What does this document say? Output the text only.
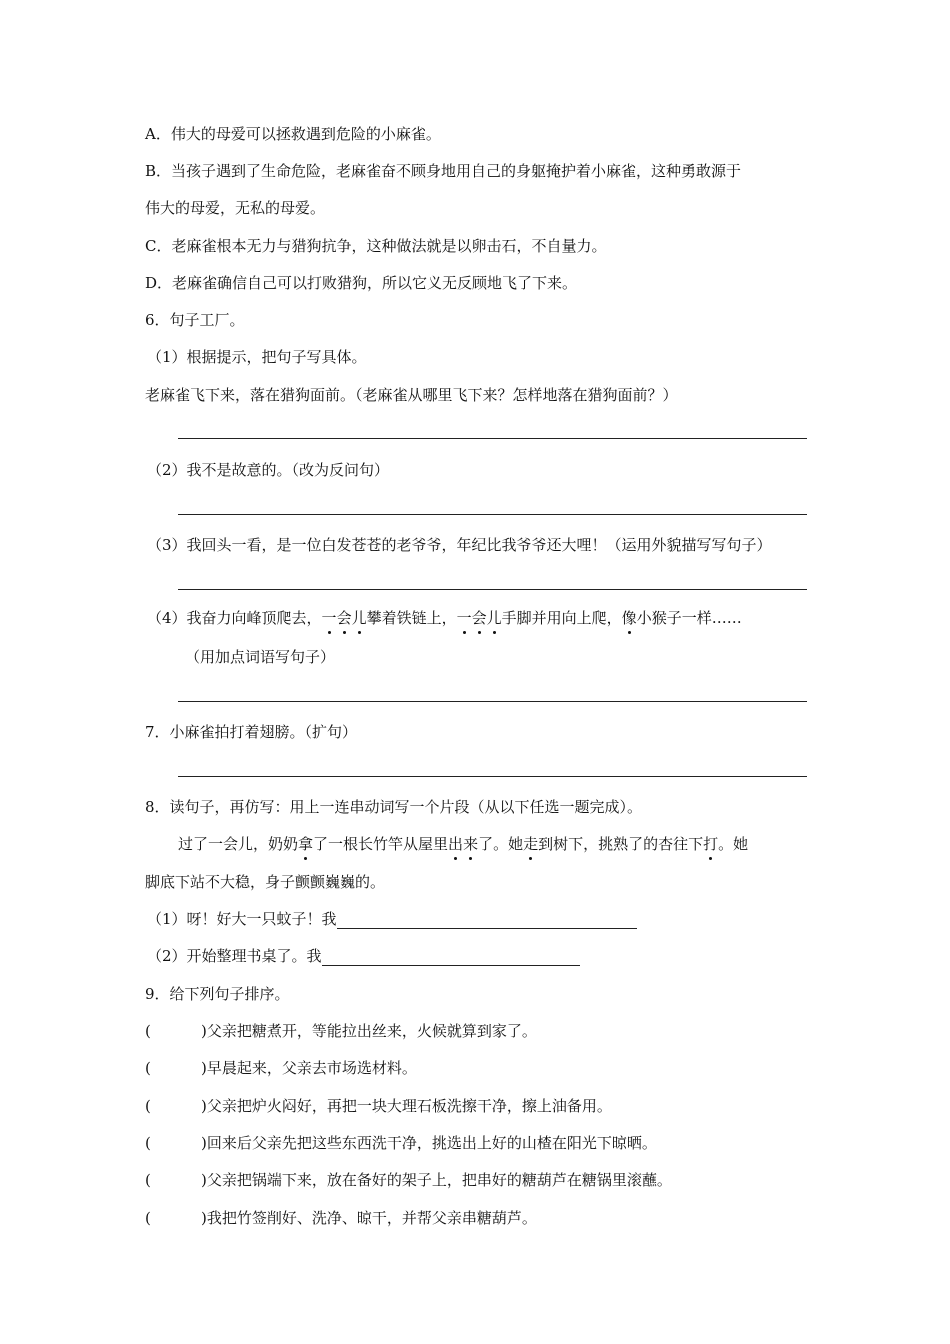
A．伟大的母爱可以拯救遇到危险的小麻雀。

B．当孩子遇到了生命危险，老麻雀奋不顾身地用自己的身躯掩护着小麻雀，这种勇敢源于

伟大的母爱，无私的母爱。

C．老麻雀根本无力与猎狗抗争，这种做法就是以卵击石，不自量力。

D．老麻雀确信自己可以打败猎狗，所以它义无反顾地飞了下来。

6．句子工厂。

（1）根据提示，把句子写具体。

老麻雀飞下来，落在猎狗面前。（老麻雀从哪里飞下来？怎样地落在猎狗面前？）

（2）我不是故意的。（改为反问句）

（3）我回头一看，是一位白发苍苍的老爷爷，年纪比我爷爷还大哩！（运用外貌描写写句子）

（4）我奋力向峰顶爬去，一会儿攀着铁链上，一会儿手脚并用向上爬，像小猴子一样……

（用加点词语写句子）

7．小麻雀拍打着翅膀。（扩句）

8．读句子，再仿写：用上一连串动词写一个片段（从以下任选一题完成）。

过了一会儿，奶奶拿了一根长竹竿从屋里出来了。她走到树下，挑熟了的杏往下打。她

脚底下站不大稳，身子颤颤巍巍的。

（1）呀！好大一只蚊子！我

（2）开始整理书桌了。我

9．给下列句子排序。

(	)父亲把糖煮开，等能拉出丝来，火候就算到家了。

(	)早晨起来，父亲去市场选材料。

(	)父亲把炉火闷好，再把一块大理石板洗擦干净，擦上油备用。

(	)回来后父亲先把这些东西洗干净，挑选出上好的山楂在阳光下晾晒。

(	)父亲把锅端下来，放在备好的架子上，把串好的糖葫芦在糖锅里滚蘸。

(	)我把竹签削好、洗净、晾干，并帮父亲串糖葫芦。
